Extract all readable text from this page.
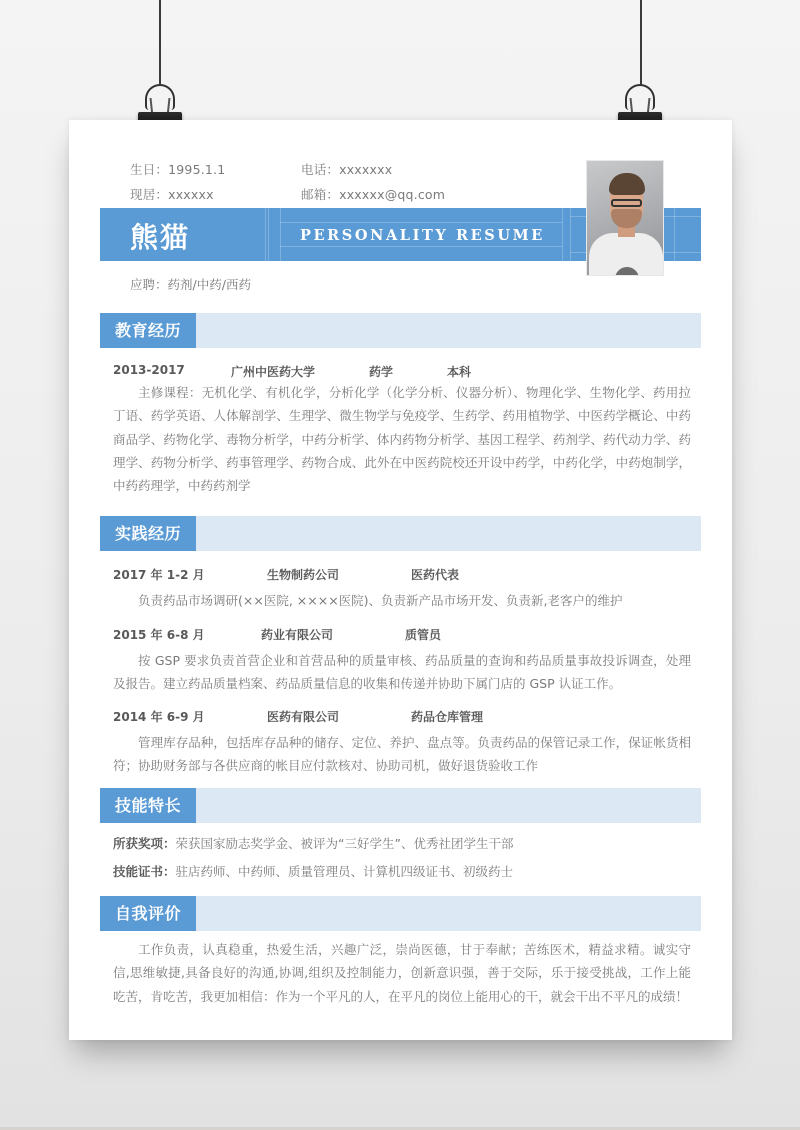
生日：1995.1.1	电话：xxxxxxx
现居：xxxxxx	邮箱：xxxxxx@qq.com
熊猫	PERSONALITY RESUME
应聘：药剂/中药/西药
教育经历
2013-2017	广州中医药大学	药学	本科
主修课程：无机化学、有机化学，分析化学（化学分析、仪器分析）、物理化学、生物化学、药用拉丁语、药学英语、人体解剖学、生理学、微生物学与免疫学、生药学、药用植物学、中医药学概论、中药商品学、药物化学、毒物分析学，中药分析学、体内药物分析学、基因工程学、药剂学、药代动力学、药理学、药物分析学、药事管理学、药物合成、此外在中医药院校还开设中药学，中药化学，中药炮制学，中药药理学，中药药剂学
实践经历
2017 年 1-2 月	生物制药公司	医药代表
负责药品市场调研(××医院, ××××医院)、负责新产品市场开发、负责新,老客户的维护
2015 年 6-8 月	药业有限公司	质管员
按 GSP 要求负责首营企业和首营品种的质量审核、药品质量的查询和药品质量事故投诉调查，处理及报告。建立药品质量档案、药品质量信息的收集和传递并协助下属门店的 GSP 认证工作。
2014 年 6-9 月	医药有限公司	药品仓库管理
管理库存品种，包括库存品种的储存、定位、养护、盘点等。负责药品的保管记录工作，保证帐货相符；协助财务部与各供应商的帐目应付款核对、协助司机，做好退货验收工作
技能特长
所获奖项：荣获国家励志奖学金、被评为“三好学生”、优秀社团学生干部
技能证书：驻店药师、中药师、质量管理员、计算机四级证书、初级药士
自我评价
工作负责，认真稳重，热爱生活，兴趣广泛，崇尚医德，甘于奉献；苦练医术，精益求精。诚实守信,思维敏捷,具备良好的沟通,协调,组织及控制能力，创新意识强，善于交际，乐于接受挑战，工作上能吃苦，肯吃苦，我更加相信：作为一个平凡的人，在平凡的岗位上能用心的干，就会干出不平凡的成绩！
